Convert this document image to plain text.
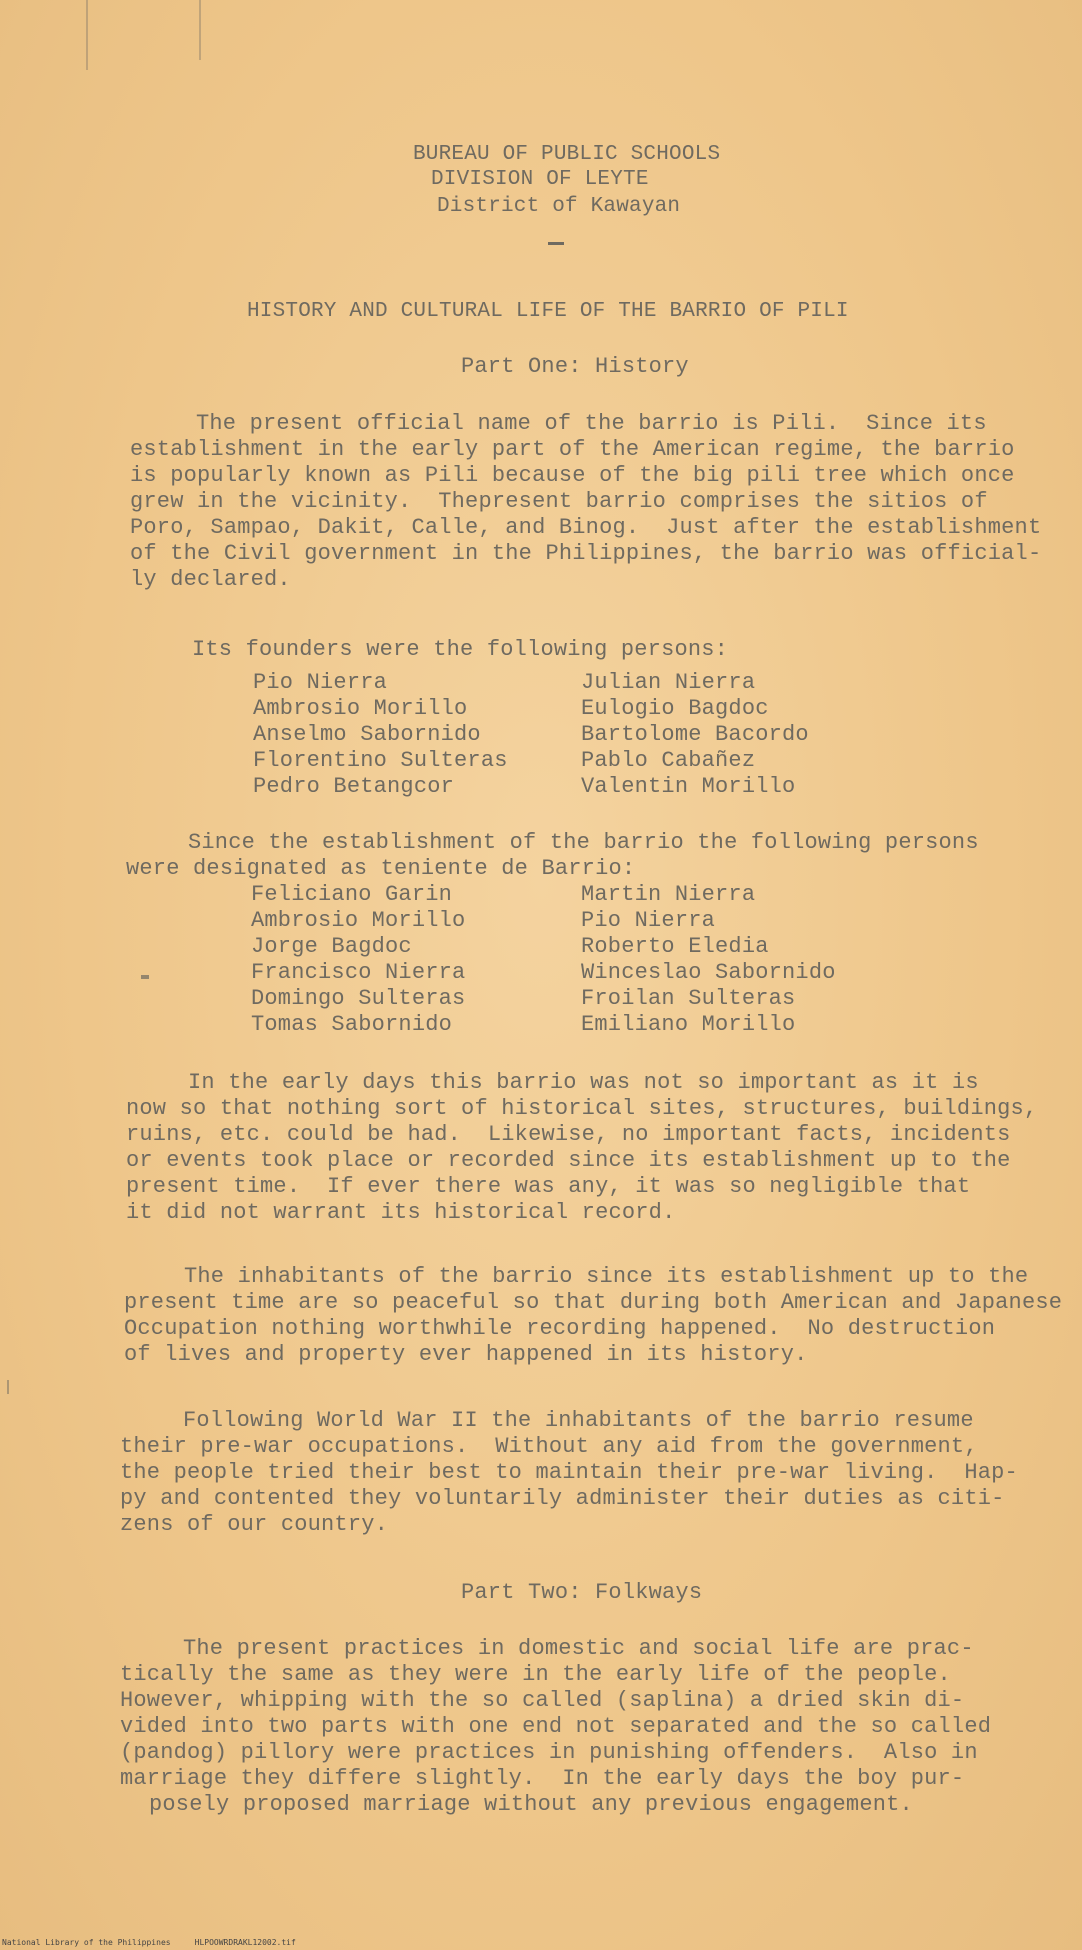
BUREAU OF PUBLIC SCHOOLS
DIVISION OF LEYTE
District of Kawayan
HISTORY AND CULTURAL LIFE OF THE BARRIO OF PILI
Part One: History
The present official name of the barrio is Pili.  Since its
establishment in the early part of the American regime, the barrio
is popularly known as Pili because of the big pili tree which once
grew in the vicinity.  Thepresent barrio comprises the sitios of
Poro, Sampao, Dakit, Calle, and Binog.  Just after the establishment
of the Civil government in the Philippines, the barrio was official-
ly declared.
Its founders were the following persons:
Pio Nierra	Julian Nierra
Ambrosio Morillo	Eulogio Bagdoc
Anselmo Sabornido	Bartolome Bacordo
Florentino Sulteras	Pablo Cabañez
Pedro Betangcor	Valentin Morillo
Since the establishment of the barrio the following persons
were designated as teniente de Barrio:
Feliciano Garin	Martin Nierra
Ambrosio Morillo	Pio Nierra
Jorge Bagdoc	Roberto Eledia
Francisco Nierra	Winceslao Sabornido
Domingo Sulteras	Froilan Sulteras
Tomas Sabornido	Emiliano Morillo
In the early days this barrio was not so important as it is
now so that nothing sort of historical sites, structures, buildings,
ruins, etc. could be had.  Likewise, no important facts, incidents
or events took place or recorded since its establishment up to the
present time.  If ever there was any, it was so negligible that
it did not warrant its historical record.
The inhabitants of the barrio since its establishment up to the
present time are so peaceful so that during both American and Japanese
Occupation nothing worthwhile recording happened.  No destruction
of lives and property ever happened in its history.
Following World War II the inhabitants of the barrio resume
their pre-war occupations.  Without any aid from the government,
the people tried their best to maintain their pre-war living.  Hap-
py and contented they voluntarily administer their duties as citi-
zens of our country.
Part Two: Folkways
The present practices in domestic and social life are prac-
tically the same as they were in the early life of the people.
However, whipping with the so called (saplina) a dried skin di-
vided into two parts with one end not separated and the so called
(pandog) pillory were practices in punishing offenders.  Also in
marriage they differe slightly.  In the early days the boy pur-
posely proposed marriage without any previous engagement.
National Library of the Philippines     HLPOOWRDRAKL12002.tif
